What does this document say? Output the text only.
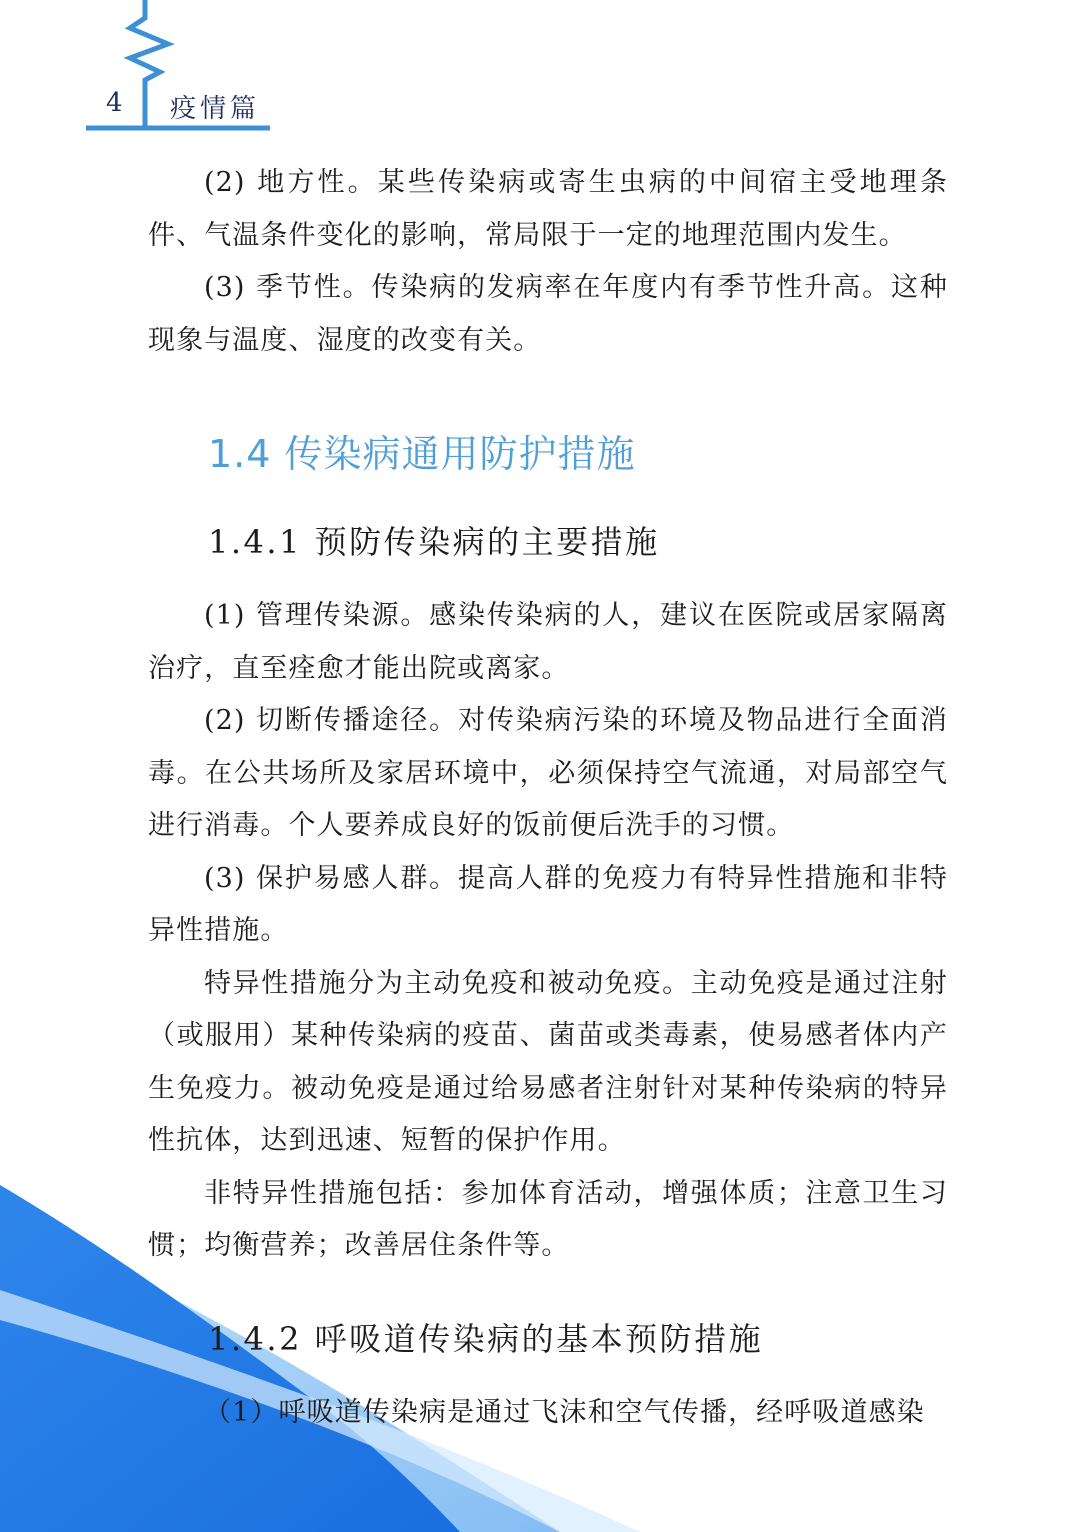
4 疫情篇

(2) 地方性。某些传染病或寄生虫病的中间宿主受地理条件、气温条件变化的影响，常局限于一定的地理范围内发生。

(3) 季节性。传染病的发病率在年度内有季节性升高。这种现象与温度、湿度的改变有关。

1.4 传染病通用防护措施
1.4.1 预防传染病的主要措施

(1) 管理传染源。感染传染病的人，建议在医院或居家隔离治疗，直至痊愈才能出院或离家。

(2) 切断传播途径。对传染病污染的环境及物品进行全面消毒。在公共场所及家居环境中，必须保持空气流通，对局部空气进行消毒。个人要养成良好的饭前便后洗手的习惯。

(3) 保护易感人群。提高人群的免疫力有特异性措施和非特异性措施。

特异性措施分为主动免疫和被动免疫。主动免疫是通过注射（或服用）某种传染病的疫苗、菌苗或类毒素，使易感者体内产生免疫力。被动免疫是通过给易感者注射针对某种传染病的特异性抗体，达到迅速、短暂的保护作用。

非特异性措施包括：参加体育活动，增强体质；注意卫生习惯；均衡营养；改善居住条件等。

1.4.2 呼吸道传染病的基本预防措施

（1）呼吸道传染病是通过飞沫和空气传播，经呼吸道感染
